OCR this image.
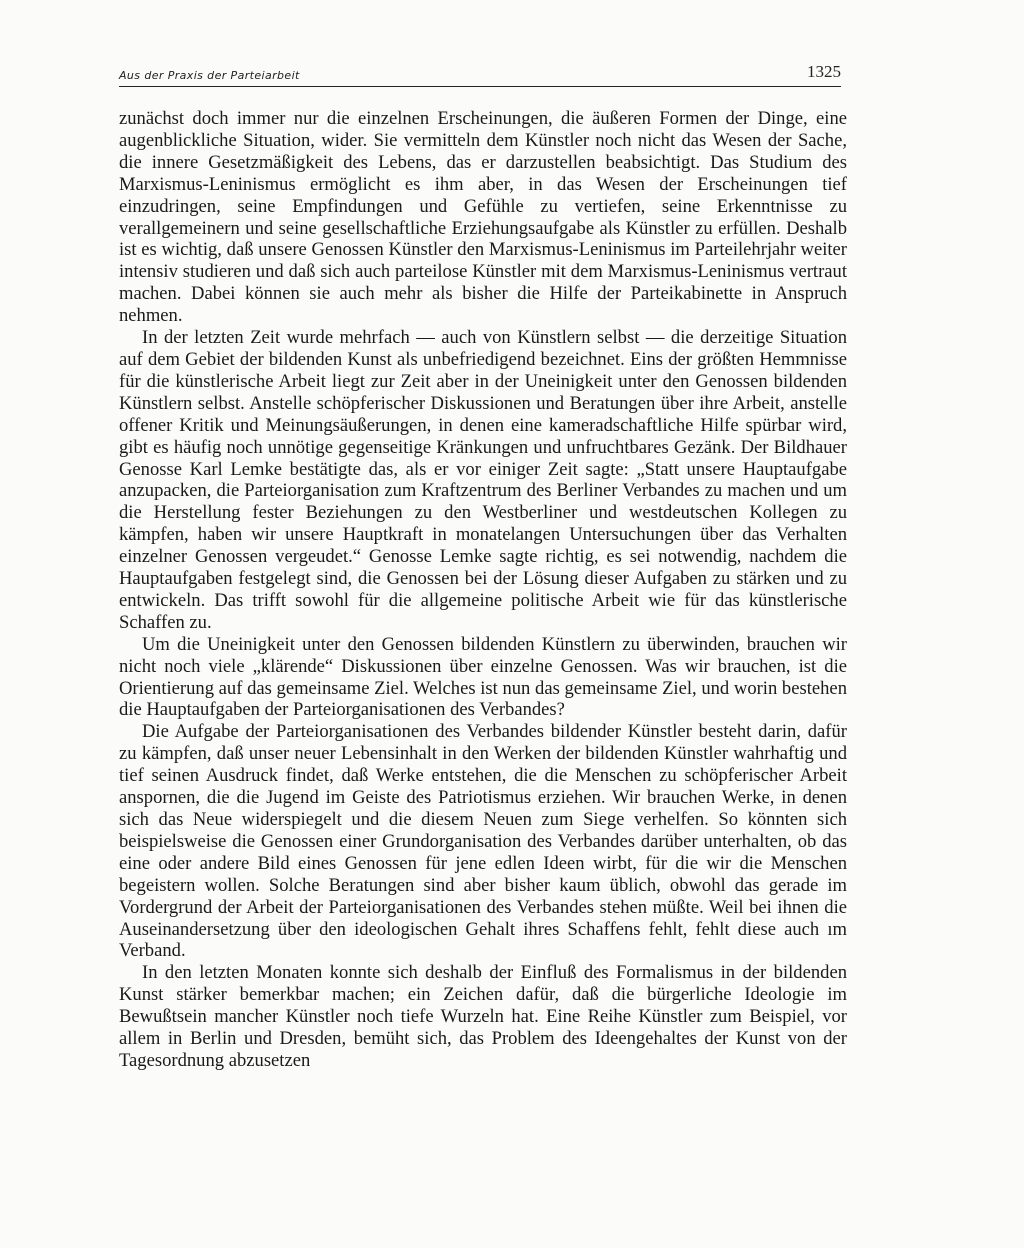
Aus der Praxis der Parteiarbeit	1325

zunächst doch immer nur die einzelnen Erscheinungen, die äußeren Formen der Dinge, eine augenblickliche Situation, wider. Sie vermitteln dem Künstler noch nicht das Wesen der Sache, die innere Gesetzmäßigkeit des Lebens, das er darzustellen beabsichtigt. Das Studium des Marxismus-Leninismus ermöglicht es ihm aber, in das Wesen der Erscheinungen tief einzudringen, seine Empfindungen und Gefühle zu vertiefen, seine Erkenntnisse zu verallgemeinern und seine gesellschaftliche Erziehungsaufgabe als Künstler zu erfüllen. Deshalb ist es wichtig, daß unsere Genossen Künstler den Marxismus-Leninismus im Parteilehrjahr weiter intensiv studieren und daß sich auch parteilose Künstler mit dem Marxismus-Leninismus vertraut machen. Dabei können sie auch mehr als bisher die Hilfe der Parteikabinette in Anspruch nehmen.

In der letzten Zeit wurde mehrfach — auch von Künstlern selbst — die derzeitige Situation auf dem Gebiet der bildenden Kunst als unbefriedigend bezeichnet. Eins der größten Hemmnisse für die künstlerische Arbeit liegt zur Zeit aber in der Uneinigkeit unter den Genossen bildenden Künstlern selbst. Anstelle schöpferischer Diskussionen und Beratungen über ihre Arbeit, anstelle offener Kritik und Meinungsäußerungen, in denen eine kameradschaftliche Hilfe spürbar wird, gibt es häufig noch unnötige gegenseitige Kränkungen und unfruchtbares Gezänk. Der Bildhauer Genosse Karl Lemke bestätigte das, als er vor einiger Zeit sagte: „Statt unsere Hauptaufgabe anzupacken, die Parteiorganisation zum Kraftzentrum des Berliner Verbandes zu machen und um die Herstellung fester Beziehungen zu den Westberliner und westdeutschen Kollegen zu kämpfen, haben wir unsere Hauptkraft in monatelangen Untersuchungen über das Verhalten einzelner Genossen vergeudet.“ Genosse Lemke sagte richtig, es sei notwendig, nachdem die Hauptaufgaben festgelegt sind, die Genossen bei der Lösung dieser Aufgaben zu stärken und zu entwickeln. Das trifft sowohl für die allgemeine politische Arbeit wie für das künstlerische Schaffen zu.

Um die Uneinigkeit unter den Genossen bildenden Künstlern zu überwinden, brauchen wir nicht noch viele „klärende“ Diskussionen über einzelne Genossen. Was wir brauchen, ist die Orientierung auf das gemeinsame Ziel. Welches ist nun das gemeinsame Ziel, und worin bestehen die Hauptaufgaben der Parteiorganisationen des Verbandes?

Die Aufgabe der Parteiorganisationen des Verbandes bildender Künstler besteht darin, dafür zu kämpfen, daß unser neuer Lebensinhalt in den Werken der bildenden Künstler wahrhaftig und tief seinen Ausdruck findet, daß Werke entstehen, die die Menschen zu schöpferischer Arbeit anspornen, die die Jugend im Geiste des Patriotismus erziehen. Wir brauchen Werke, in denen sich das Neue widerspiegelt und die diesem Neuen zum Siege verhelfen. So könnten sich beispielsweise die Genossen einer Grundorganisation des Verbandes darüber unterhalten, ob das eine oder andere Bild eines Genossen für jene edlen Ideen wirbt, für die wir die Menschen begeistern wollen. Solche Beratungen sind aber bisher kaum üblich, obwohl das gerade im Vordergrund der Arbeit der Parteiorganisationen des Verbandes stehen müßte. Weil bei ihnen die Auseinandersetzung über den ideologischen Gehalt ihres Schaffens fehlt, fehlt diese auch ım Verband.

In den letzten Monaten konnte sich deshalb der Einfluß des Formalismus in der bildenden Kunst stärker bemerkbar machen; ein Zeichen dafür, daß die bürgerliche Ideologie im Bewußtsein mancher Künstler noch tiefe Wurzeln hat. Eine Reihe Künstler zum Beispiel, vor allem in Berlin und Dresden, bemüht sich, das Problem des Ideengehaltes der Kunst von der Tagesordnung abzusetzen
